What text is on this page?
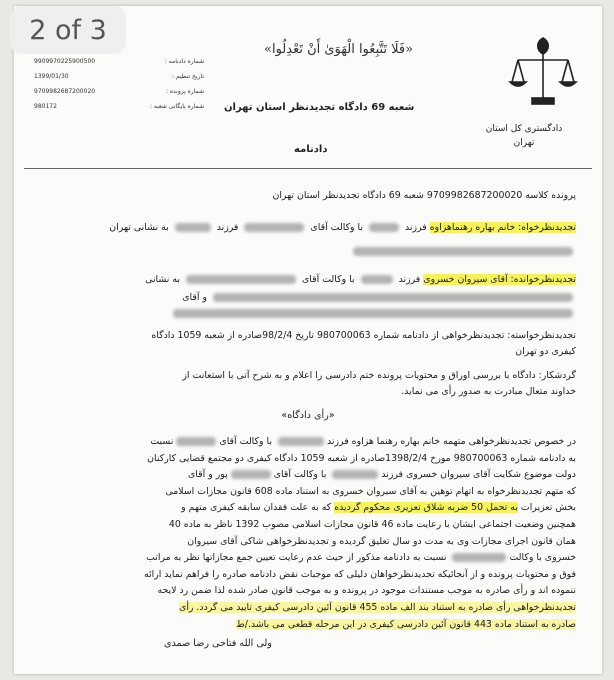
2 of 3
شماره دادنامه :
9909970225900500
تاریخ تنظیم :
1399/01/30
شماره پرونده :
9709982687200020
شماره بایگانی شعبه :
980172
«فَلَا تَتَّبِعُوا الْهَوَىٰ أَنْ تَعْدِلُوا»
دادگستری کل استان تهران
شعبه 69 دادگاه تجدیدنظر استان تهران
دادنامه
پرونده کلاسه 9709982687200020 شعبه 69 دادگاه تجدیدنظر استان تهران
تجدیدنظرخواه: خانم بهاره رهنماهزاوه فرزند  با وکالت آقای  فرزند  به نشانی تهران
تجدیدنظرخوانده: آقای سیروان خسروی فرزند  با وکالت آقای  به نشانی
و آقای
تجدیدنظرخواسته: تجدیدنظرخواهی از دادنامه شماره 980700063 تاریخ 98/2/4صادره از شعبه 1059 دادگاه
کیفری دو تهران
گردشکار: دادگاه با بررسی اوراق و محتویات پرونده ختم دادرسی را اعلام و به شرح آتی با استعانت از
خداوند متعال مبادرت به صدور رأی می نماید.
«رأی دادگاه»
در خصوص تجدیدنظرخواهی متهمه خانم بهاره رهنما هزاوه فرزند با وکالت آقاینسبت
به دادنامه شماره 980700063 مورخ 1398/2/4صادره از شعبه 1059 دادگاه کیفری دو مجتمع قضایی کارکنان
دولت موضوع شکایت آقای سیروان خسروی فرزند با وکالت آقایپور و آقای
که متهم تجدیدنظرخواه به اتهام توهین به آقای سیروان خسروی به استناد ماده 608 قانون مجازات اسلامی
بخش تعزیرات به تحمل 50 ضربه شلاق تعزیری محکوم گردیده که به علت فقدان سابقه کیفری متهم و
همچنین وضعیت اجتماعی ایشان با رعایت ماده 46 قانون مجازات اسلامی مصوب 1392 ناظر به ماده 40
همان قانون اجرای مجازات وی به مدت دو سال تعلیق گردیده و تجدیدنظرخواهی شاکی آقای سیروان
خسروی با وکالت نسبت به دادنامه مذکور از حیث عدم رعایت تعیین جمع مجازاتها نظر به مراتب
فوق و محتویات پرونده و از آنجائیکه تجدیدنظرخواهان دلیلی که موجبات نقض دادنامه صادره را فراهم نماید ارائه
ننموده اند و رأی صادره به موجب مستندات موجود در پرونده و به موجب قانون صادر شده لذا ضمن رد لایحه
تجدیدنظرخواهی رأی صادره به استناد بند الف ماده 455 قانون آئین دادرسی کیفری تایید می گردد. رأی
صادره به استناد ماده 443 قانون آئین دادرسی کیفری در این مرحله قطعی می باشد./ط
ولی الله فتاحی رضا صمدی
